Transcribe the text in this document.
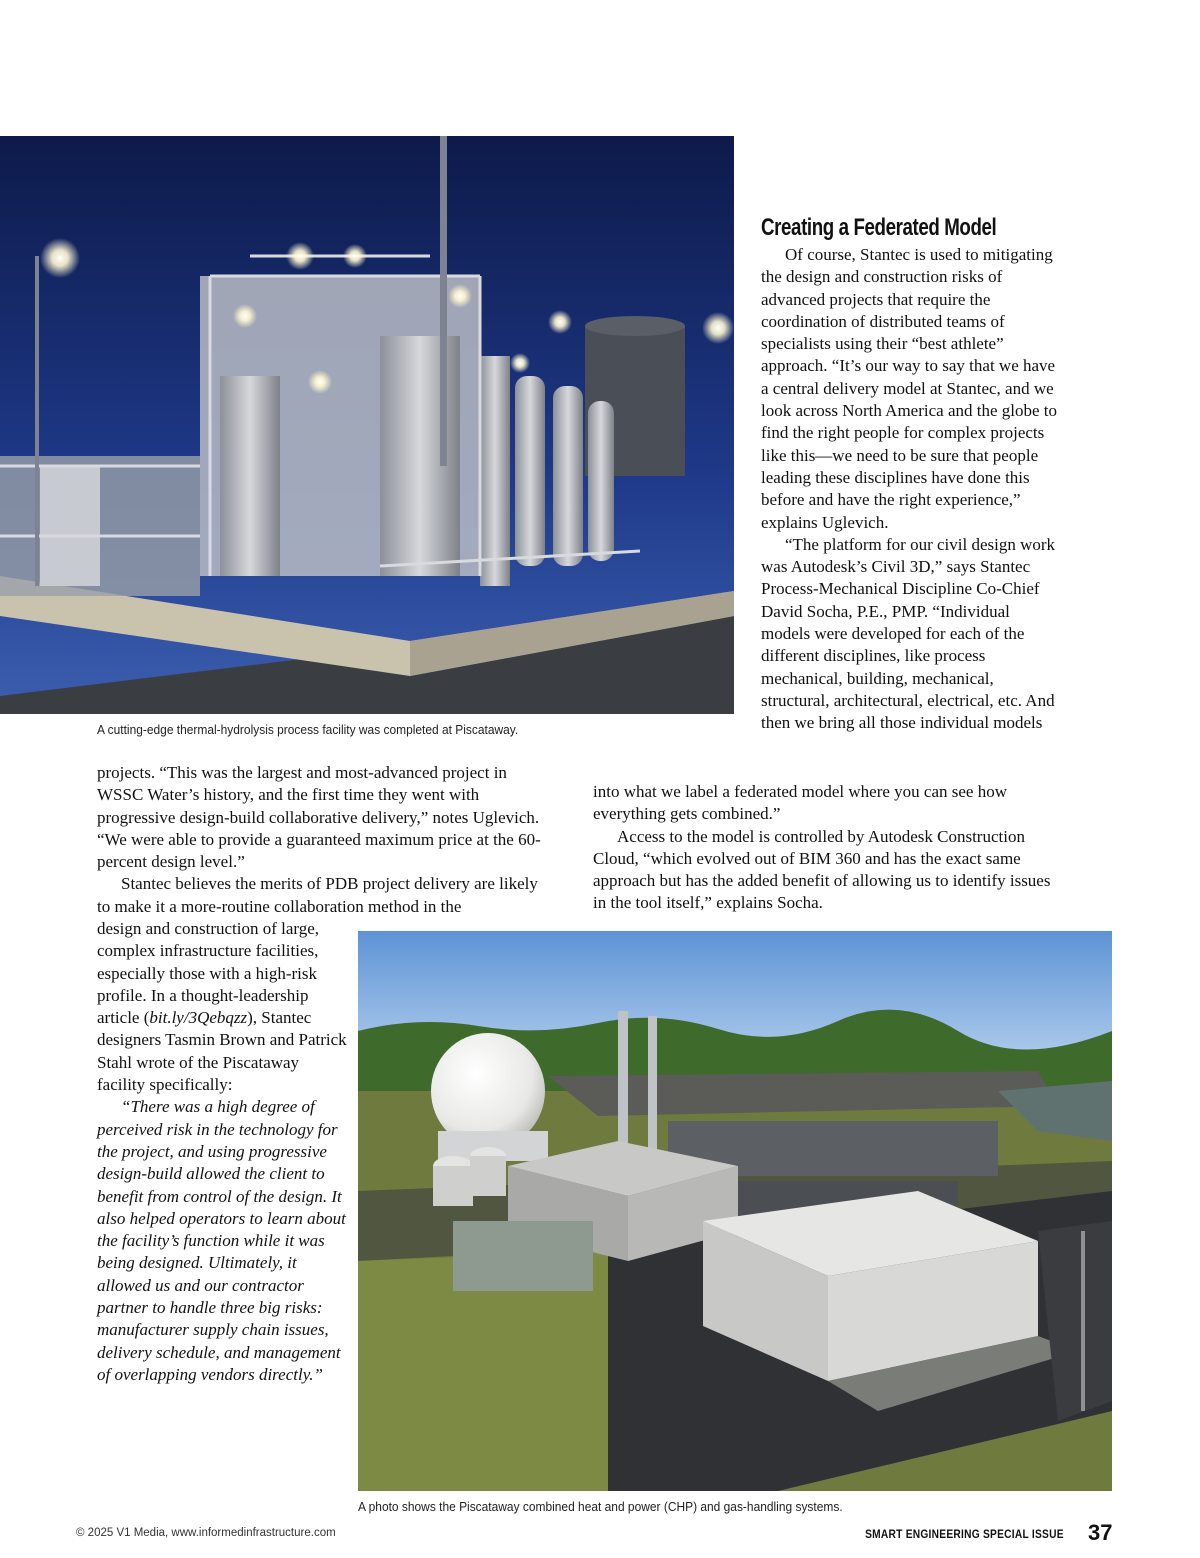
A cutting-edge thermal-hydrolysis process facility was completed at Piscataway.
Creating a Federated Model

Of course, Stantec is used to mitigating the design and construction risks of advanced projects that require the coordination of distributed teams of specialists using their “best athlete” approach. “It’s our way to say that we have a central delivery model at Stantec, and we look across North America and the globe to find the right people for complex projects like this—we need to be sure that people leading these disciplines have done this before and have the right experience,” explains Uglevich.

“The platform for our civil design work was Autodesk’s Civil 3D,” says Stantec Process-Mechanical Discipline Co-Chief David Socha, P.E., PMP. “Individual models were developed for each of the different disciplines, like process mechanical, building, mechanical, structural, architectural, electrical, etc. And then we bring all those individual models

into what we label a federated model where you can see how everything gets combined.”

Access to the model is controlled by Autodesk Construction Cloud, “which evolved out of BIM 360 and has the exact same approach but has the added benefit of allowing us to identify issues in the tool itself,” explains Socha.

projects. “This was the largest and most-advanced project in WSSC Water’s history, and the first time they went with progressive design-build collaborative delivery,” notes Uglevich. “We were able to provide a guaranteed maximum price at the 60-percent design level.”

Stantec believes the merits of PDB project delivery are likely to make it a more-routine collaboration method in the

design and construction of large, complex infrastructure facilities, especially those with a high-risk profile. In a thought-leadership article (bit.ly/3Qebqzz), Stantec designers Tasmin Brown and Patrick Stahl wrote of the Piscataway facility specifically:

“There was a high degree of perceived risk in the technology for the project, and using progressive design-build allowed the client to benefit from control of the design. It also helped operators to learn about the facility’s function while it was being designed. Ultimately, it allowed us and our contractor partner to handle three big risks: manufacturer supply chain issues, delivery schedule, and management of overlapping vendors directly.”

A photo shows the Piscataway combined heat and power (CHP) and gas-handling systems.
© 2025 V1 Media, www.informedinfrastructure.com	SMART ENGINEERING SPECIAL ISSUE 37
